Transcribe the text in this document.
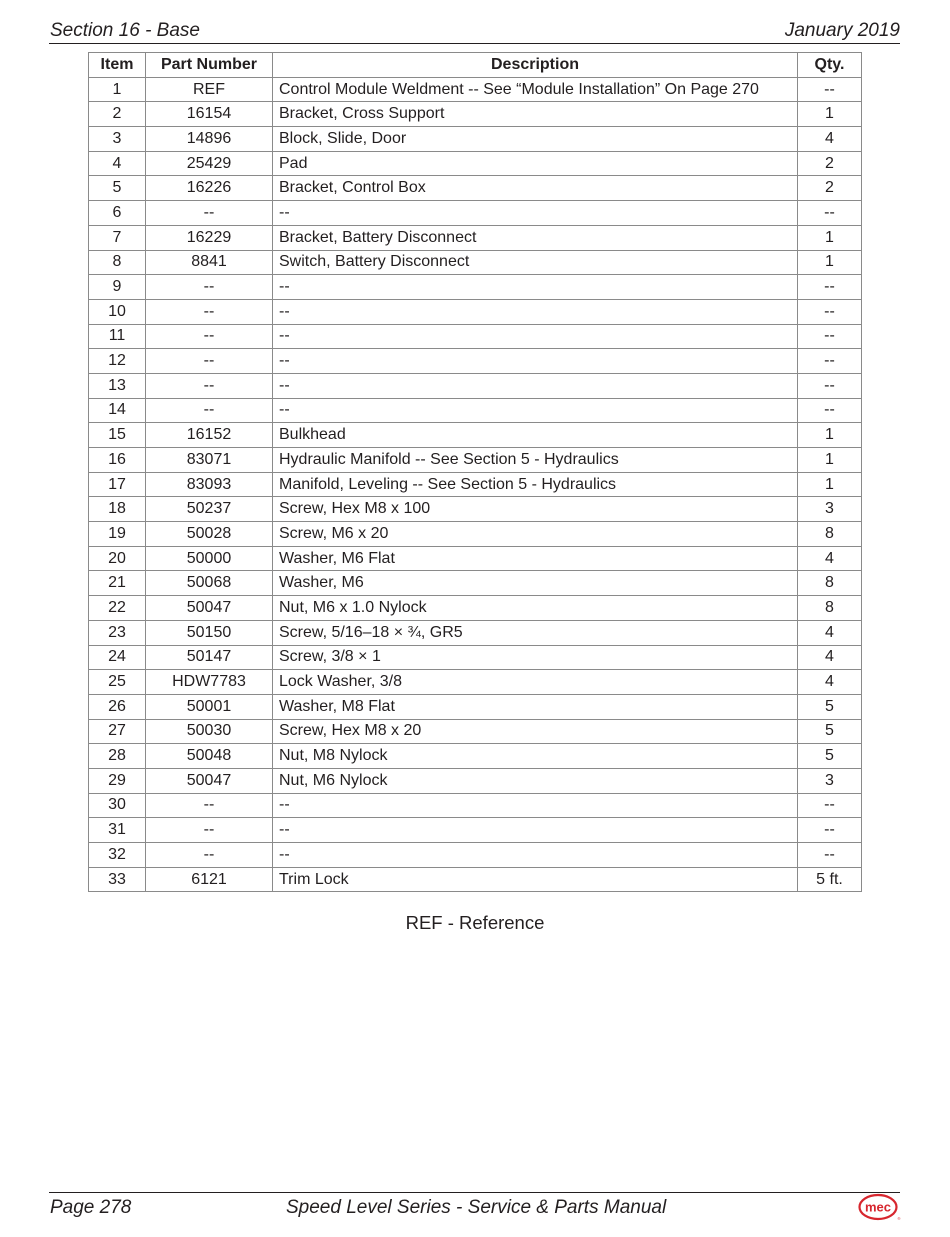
Section 16 - Base	January 2019
Item	Part Number	Description	Qty.
1	REF	Control Module Weldment -- See “Module Installation” On Page 270	--
2	16154	Bracket, Cross Support	1
3	14896	Block, Slide, Door	4
4	25429	Pad	2
5	16226	Bracket, Control Box	2
6	--	--	--
7	16229	Bracket, Battery Disconnect	1
8	8841	Switch, Battery Disconnect	1
9	--	--	--
10	--	--	--
11	--	--	--
12	--	--	--
13	--	--	--
14	--	--	--
15	16152	Bulkhead	1
16	83071	Hydraulic Manifold -- See Section 5 - Hydraulics	1
17	83093	Manifold, Leveling -- See Section 5 - Hydraulics	1
18	50237	Screw, Hex M8 x 100	3
19	50028	Screw, M6 x 20	8
20	50000	Washer, M6 Flat	4
21	50068	Washer, M6	8
22	50047	Nut, M6 x 1.0 Nylock	8
23	50150	Screw, 5/16–18 × ¾, GR5	4
24	50147	Screw, 3/8 × 1	4
25	HDW7783	Lock Washer, 3/8	4
26	50001	Washer, M8 Flat	5
27	50030	Screw, Hex M8 x 20	5
28	50048	Nut, M8 Nylock	5
29	50047	Nut, M6 Nylock	3
30	--	--	--
31	--	--	--
32	--	--	--
33	6121	Trim Lock	5 ft.
REF - Reference
Page 278	Speed Level Series - Service & Parts Manual	mec
®
